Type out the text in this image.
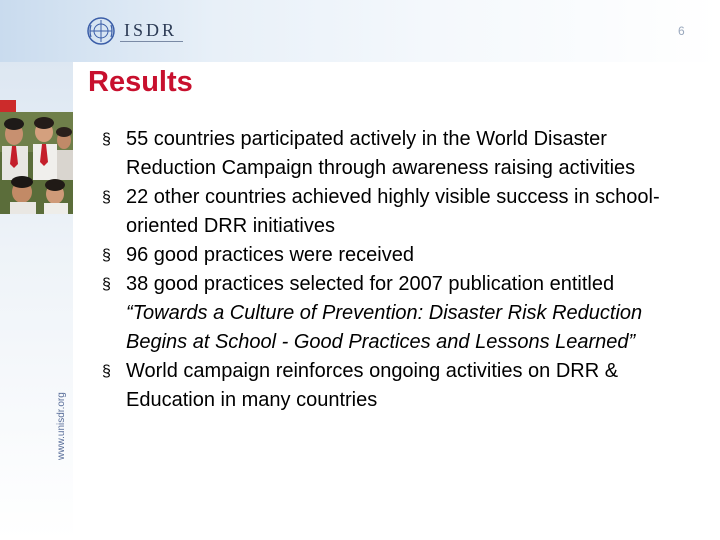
ISDR	6
www.unisdr.org
Results
§ 55 countries participated actively in the World Disaster Reduction Campaign through awareness raising activities
§ 22 other countries achieved highly visible success in school-oriented DRR initiatives
§ 96 good practices were received
§ 38 good practices selected for 2007 publication entitled “Towards a Culture of Prevention: Disaster Risk Reduction Begins at School - Good Practices and Lessons Learned”
§ World campaign reinforces ongoing activities on DRR & Education in many countries
